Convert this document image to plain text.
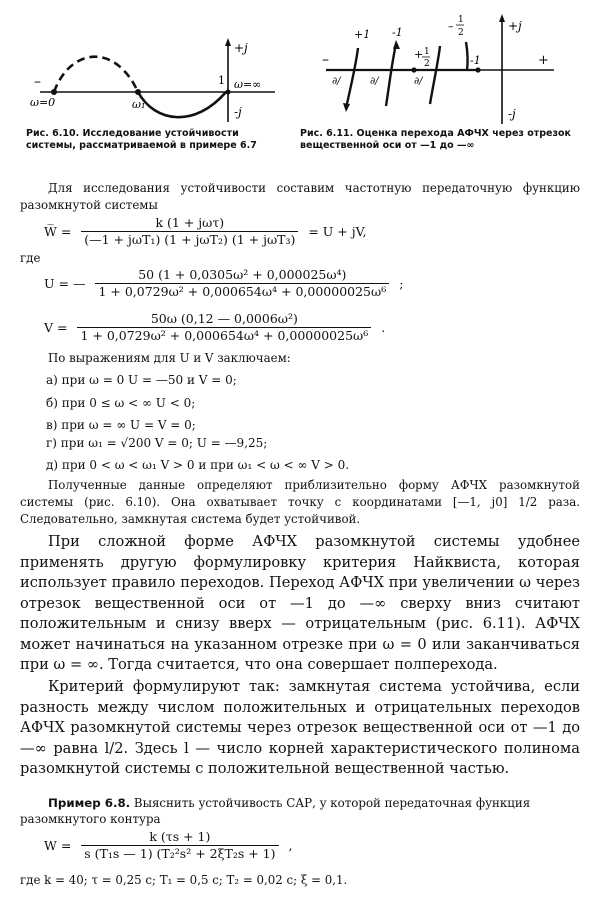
+j
-j
–
ω=0	ω₁
1 ω=∞
+j
-j
–	+
+1 -1
+ 1
2
– 1
2
-1
∂/	∂/	∂/
Рис. 6.10. Исследование устойчивости системы, рассматриваемой в примере 6.7
Рис. 6.11. Оценка перехода АФЧХ через отрезок вещественной оси от —1 до —∞
Для исследования устойчивости составим частотную передаточную функцию разомкнутой системы
W̅ = $\frac{\text{k (1 + jωτ)}}{\text{(—1 + jωT₁) (1 + jωT₂) (1 + jωT₃)}} = U$ + jV,
где
U = — $\frac{\text{50 (1 + 0,0305ω² + 0,000025ω⁴)}}{\text{1 + 0,0729ω² + 0,000654ω⁴ + 0,00000025ω⁶}}$ ;
$V = \frac{\text{50ω (0,12 — 0,0006ω²)}}{\text{1 + 0,0729ω² + 0,000654ω⁴ + 0,00000025ω⁶}}$ .
По выражениям для U и V заключаем:
а) при ω = 0 U = —50 и V = 0;
б) при 0 ≤ ω < ∞ U < 0;
в) при ω = ∞ U = V = 0;
г) при ω₁ = √200 V = 0; U = —9,25;
д) при 0 < ω < ω₁ V > 0 и при ω₁ < ω < ∞ V > 0.
Полученные данные определяют приблизительно форму АФЧХ разомкнутой системы (рис. 6.10). Она охватывает точку с координатами [—1, j0] 1/2 раза. Следовательно, замкнутая система будет устойчивой.
При сложной форме АФЧХ разомкнутой системы удобнее применять другую формулировку критерия Найквиста, которая использует правило переходов. Переход АФЧХ при увеличении ω через отрезок вещественной оси от —1 до —∞ сверху вниз считают положительным и снизу вверх — отрицательным (рис. 6.11). АФЧХ может начинаться на указанном отрезке при ω = 0 или заканчиваться при ω = ∞. Тогда считается, что она совершает полперехода.
Критерий формулируют так: замкнутая система устойчива, если разность между числом положительных и отрицательных переходов АФЧХ разомкнутой системы через отрезок вещественной оси от —1 до —∞ равна l/2. Здесь l — число корней характеристического полинома разомкнутой системы с положительной вещественной частью.
Пример 6.8. Выяснить устойчивость САР, у которой передаточная функция разомкнутого контура
$W = \frac{k (\tau s + 1)}{\text{s (T₁s — 1) (T₂²s² + 2ξT₂s + 1)}}$ ,
где k = 40; τ = 0,25 с; T₁ = 0,5 с; T₂ = 0,02 с; ξ = 0,1.
